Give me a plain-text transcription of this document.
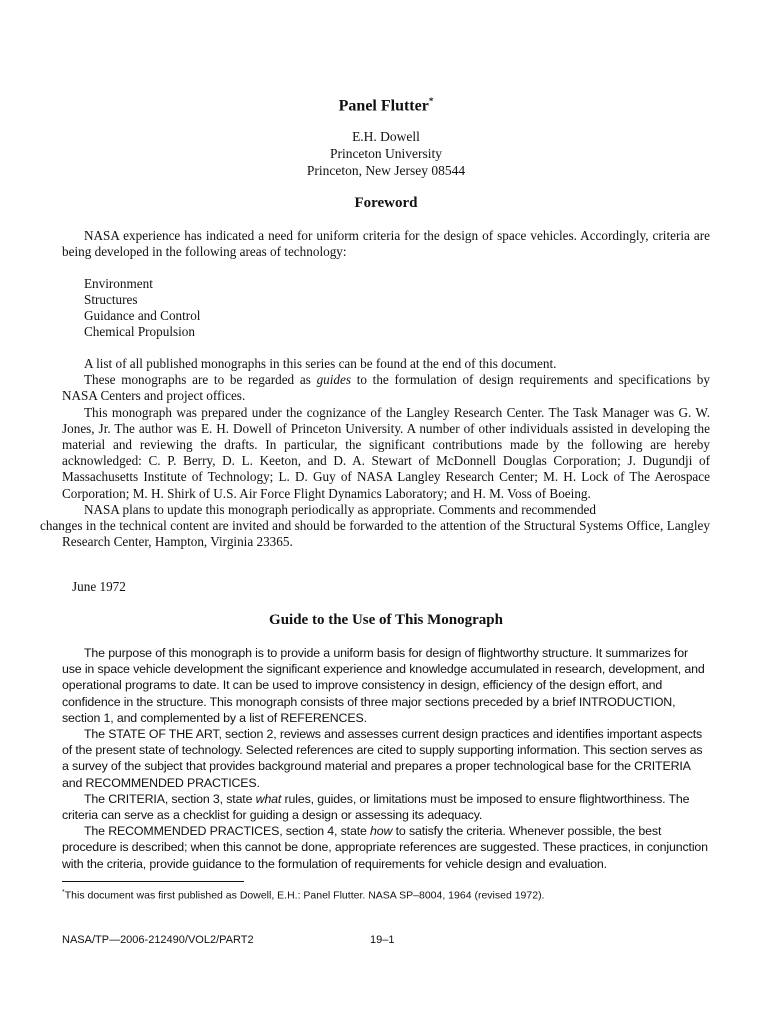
Panel Flutter*
E.H. Dowell
Princeton University
Princeton, New Jersey 08544
Foreword

NASA experience has indicated a need for uniform criteria for the design of space vehicles. Accordingly, criteria are being developed in the following areas of technology:

Environment
Structures
Guidance and Control
Chemical Propulsion

A list of all published monographs in this series can be found at the end of this document.

These monographs are to be regarded as guides to the formulation of design requirements and specifications by NASA Centers and project offices.

This monograph was prepared under the cognizance of the Langley Research Center. The Task Manager was G. W. Jones, Jr. The author was E. H. Dowell of Princeton University. A number of other individuals assisted in developing the material and reviewing the drafts. In particular, the significant contributions made by the following are hereby acknowledged: C. P. Berry, D. L. Keeton, and D. A. Stewart of McDonnell Douglas Corporation; J. Dugundji of Massachusetts Institute of Technology; L. D. Guy of NASA Langley Research Center; M. H. Lock of The Aerospace Corporation; M. H. Shirk of U.S. Air Force Flight Dynamics Laboratory; and H. M. Voss of Boeing.

NASA plans to update this monograph periodically as appropriate. Comments and recommended
changes in the technical content are invited and should be forwarded to the attention of the Structural Systems Office, Langley Research Center, Hampton, Virginia 23365.

June 1972
Guide to the Use of This Monograph

The purpose of this monograph is to provide a uniform basis for design of flightworthy structure. It summarizes for use in space vehicle development the significant experience and knowledge accumulated in research, development, and operational programs to date. It can be used to improve consistency in design, efficiency of the design effort, and confidence in the structure. This monograph consists of three major sections preceded by a brief INTRODUCTION, section 1, and complemented by a list of REFERENCES.

The STATE OF THE ART, section 2, reviews and assesses current design practices and identifies important aspects of the present state of technology. Selected references are cited to supply supporting information. This section serves as a survey of the subject that provides background material and prepares a proper technological base for the CRITERIA and RECOMMENDED PRACTICES.

The CRITERIA, section 3, state what rules, guides, or limitations must be imposed to ensure flightworthiness. The criteria can serve as a checklist for guiding a design or assessing its adequacy.

The RECOMMENDED PRACTICES, section 4, state how to satisfy the criteria. Whenever possible, the best procedure is described; when this cannot be done, appropriate references are suggested. These practices, in conjunction with the criteria, provide guidance to the formulation of requirements for vehicle design and evaluation.

*This document was first published as Dowell, E.H.: Panel Flutter. NASA SP–8004, 1964 (revised 1972).
NASA/TP—2006-212490/VOL2/PART2	19–1
